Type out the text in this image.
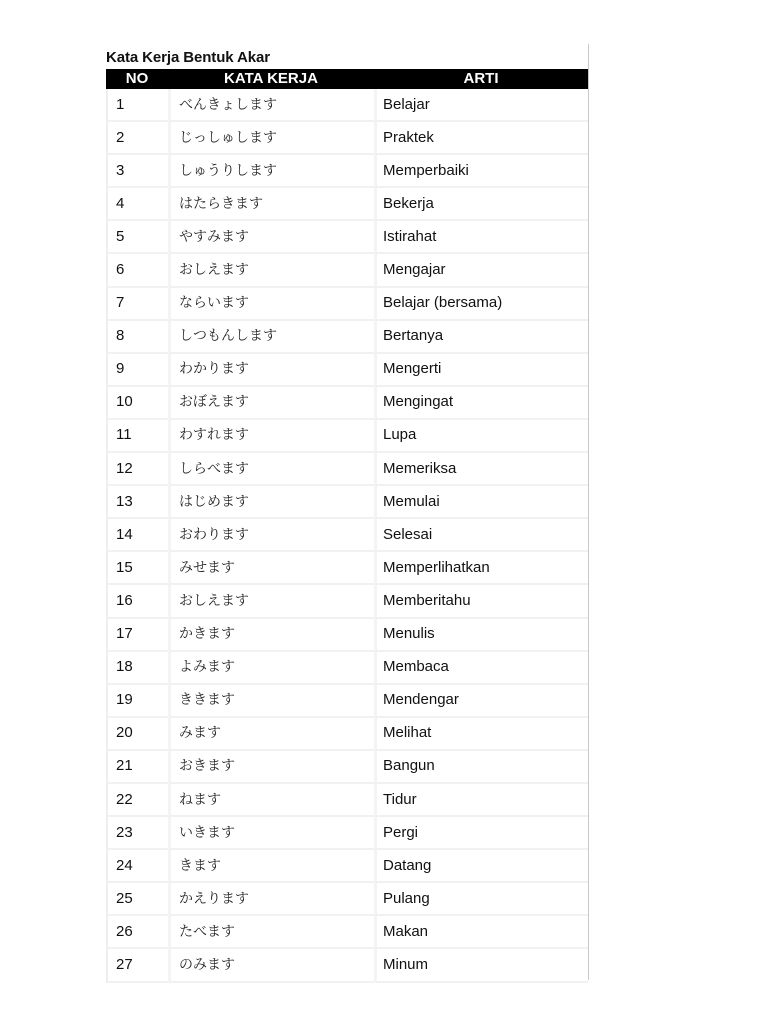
Kata Kerja Bentuk Akar
NO	KATA KERJA	ARTI
1	べんきょします	Belajar
2	じっしゅします	Praktek
3	しゅうりします	Memperbaiki
4	はたらきます	Bekerja
5	やすみます	Istirahat
6	おしえます	Mengajar
7	ならいます	Belajar (bersama)
8	しつもんします	Bertanya
9	わかります	Mengerti
10	おぼえます	Mengingat
11	わすれます	Lupa
12	しらべます	Memeriksa
13	はじめます	Memulai
14	おわります	Selesai
15	みせます	Memperlihatkan
16	おしえます	Memberitahu
17	かきます	Menulis
18	よみます	Membaca
19	ききます	Mendengar
20	みます	Melihat
21	おきます	Bangun
22	ねます	Tidur
23	いきます	Pergi
24	きます	Datang
25	かえります	Pulang
26	たべます	Makan
27	のみます	Minum
